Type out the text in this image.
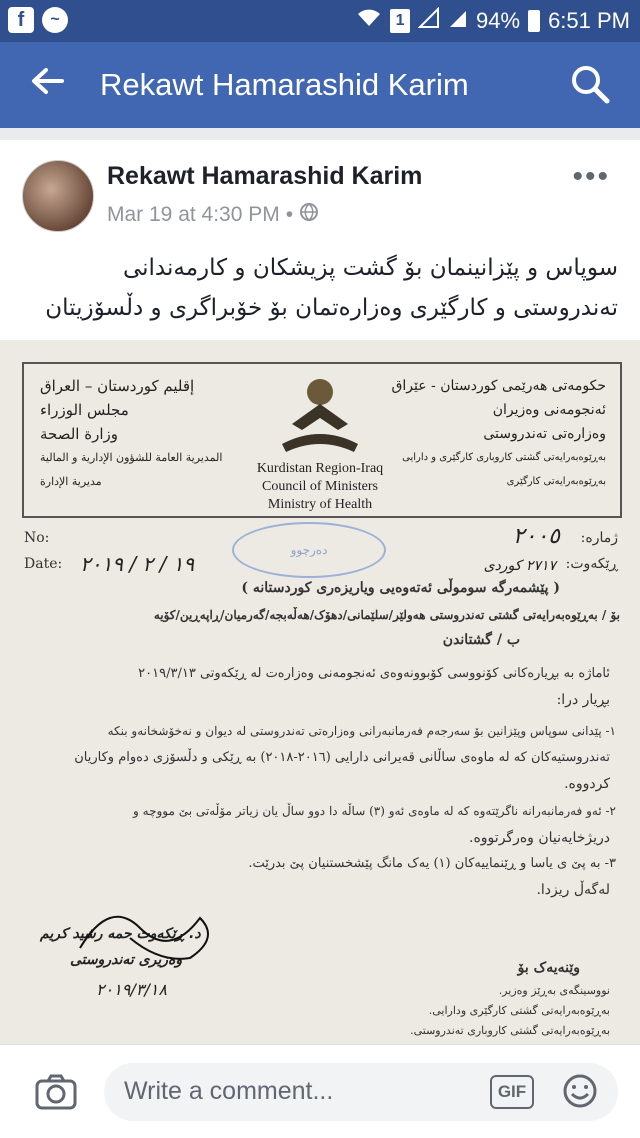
f	~	1	94% 6:51 PM
Rekawt Hamarashid Karim
Rekawt Hamarashid Karim
Mar 19 at 4:30 PM •
•••
سوپاس و پێزانینمان بۆ گشت پزیشکان و کارمەندانی
تەندروستی و کارگێری وەزارەتمان بۆ خۆبراگری و دڵسۆزیتان
إقليم كوردستان – العراق
مجلس الوزراء
وزارة الصحة
المديرية العامة للشؤون الإدارية و المالية
مديرية الإدارة
حکومەتی هەرێمی کوردستان - عێراق
ئەنجومەنی وەزیران
وەزارەتی تەندروستی
بەڕێوەبەرایەتی گشتی کاروباری کارگێری و دارایی
بەڕێوەبەرایەتی کارگێری
Kurdistan Region-Iraq
Council of Ministers
Ministry of Health
No:
Date: ١٩ / ٢ / ٢٠١٩
ژمارە:
٢٠٠٥
ڕێکەوت:
٢٧١٧ کوردی
دەرچوو
( پێشمەرگە سوموڵی ئەتەوەیی ویاریزەری کوردستانە )
بۆ / بەڕێوەبەرایەتی گشتی تەندروستی هەولێر/سلێمانی/دهۆک/هەڵەبجە/گەرمیان/ڕاپەڕین/کۆیە
ب / گشتاندن
ئاماژە بە بڕیارەکانی کۆنووسی کۆبوونەوەی ئەنجومەنی وەزارەت لە ڕێکەوتی ٢٠١٩/٣/١٣
بڕیار درا:
١- پێدانی سوپاس وپێزانین بۆ سەرجەم فەرمانبەرانی وەزارەتی تەندروستی لە دیوان و نەخۆشخانەو بنکە
تەندروستیەکان کە لە ماوەی ساڵانی قەیرانی دارایی (٢٠١٦-٢٠١٨) بە ڕێکی و دڵسۆزی دەوام وکاریان
کردووە.
٢- ئەو فەرمانبەرانە ناگرێتەوە کە لە ماوەی ئەو (٣) ساڵە دا دوو ساڵ یان زیاتر مۆڵەتی بێ مووچە و
دریژخایەنیان وەرگرتووە.
٣- بە پێ ی یاسا و ڕێنماییەکان (١) یەک مانگ پێشخستنیان پێ بدرێت.
لەگەڵ ریزدا.
د. ڕێکەوت حمە رشید کریم
وەزیری تەندروستی
٢٠١٩/٣/١٨
وێنەیەک بۆ
نووسینگەی بەڕێز وەزیر.
بەڕێوەبەرایەتی گشتی کارگێری ودارایی.
بەڕێوەبەرایەتی گشتی کاروباری تەندروستی.
Write a comment...	GIF
